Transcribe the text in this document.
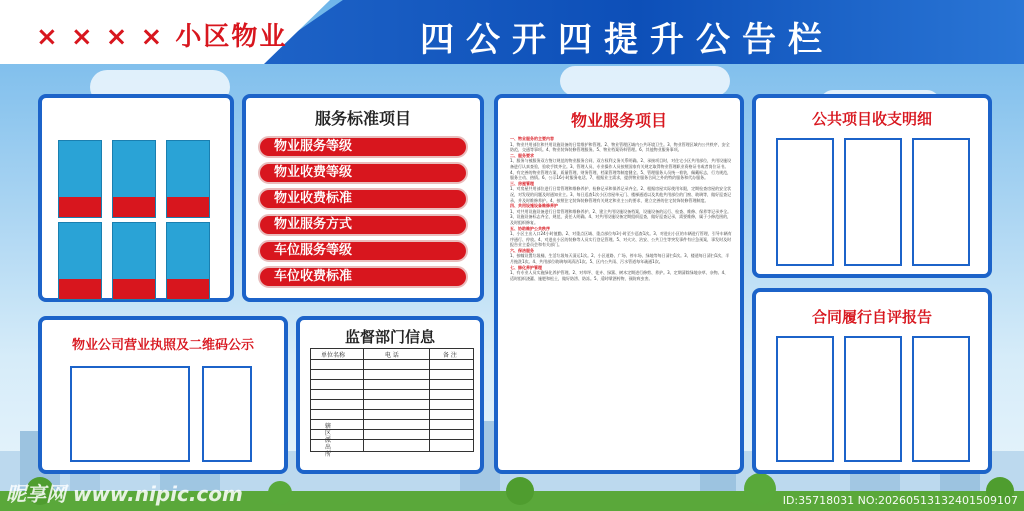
× × × × 小区物业	四公开四提升公告栏
服务标准项目
物业服务等级
物业收费等级
物业收费标准
物业服务方式
车位服务等级
车位收费标准
物业公司营业执照及二维码公示	监督部门信息
单位名称	电 话	备 注
辖区派出所
物业服务项目
一、物业服务的主要内容
1、物业共用部位和共用设施设备的日常维护和管理。2、物业管理区域内公共环境卫生。3、物业管理区域内公共秩序，安全防范，交通等事项。4、物业装饰装修管理服务。5、物业档案资料管理。6、其他物业服务事项。
二、服务要求
1、服务与被服务双方签订规范的物业服务合同，双方权利义务关系明确。2、承接项目时，对住宅小区共用部位，共用设施设备进行认真查验，验收手续齐全。3、管理人员、专业操作人员按照国家有关规定取得物业管理职业资格证书或者岗位证书。4、有完善的物业管理方案，质量管理、财务管理、档案管理等制度健全。5、管理服务人员统一着装，佩戴标志，行为规范，服务主动、热情。6、公示16小时服务电话。7、根据业主需求，提供物业服务合同之外的特约服务和代办服务。
三、房屋管理
1、对房屋共用部位进行日常管理和维修养护，检修记录和保养记录齐全。2、根据房屋实际使用年限，定期检查房屋的安全状况，对发现的问题及时通知业主。3、每日巡查1次小区房屋单元门、楼梯通道以及其他共用部位的门窗、玻璃等，做好巡查记录，并及时维修养护。4、按照住宅装饰装修管理有关规定和业主公约要求，建立完善的住宅装饰装修管理制度。
四、共用设施设备维修养护
1、对共用设施设备进行日常管理和维修养护。2、建立共用设施设备档案，设施设备的运行、检查、维修、保养等记录齐全。3、设施设备标志齐全、规范，责任人明确。4、对共用设施设备定期组织巡查，做好巡查记录，需要维修，属于小修范围的，及时组织修复。
五、协助维护公共秩序
1、小区主出入口24小时值勤。2、对重点区域、重点部位每3小时至少巡查1次。3、对进出小区的车辆进行管理，引导车辆有序通行、停放。4、对进出小区的装修等人员实行登记管理。5、对火灾、治安、公共卫生等突发事件有应急预案，事发时及时报告业主委员会和有关部门。
六、保洁服务
1、按幢设置垃圾桶，生活垃圾每天清运1次。2、小区道路、广场、停车场、绿地等每日清扫1次。3、楼道每日清扫1次，半月拖洗1次。4、共用部位玻璃每周清洁1次。5、区内公共雨、污水管道每年疏通1次。
七、绿化养护管理
1、有专业人员实施绿化养护管理。2、对草坪、花卉、绿篱、树木定期进行修剪、养护。3、定期清除绿地杂草、杂物。4、适时组织浇灌、施肥和松土，做好防涝、防冻。5、适时喷洒药物，预防病虫害。
公共项目收支明细
合同履行自评报告
昵享网 www.nipic.com	ID:35718031 NO:20260513132401509107
